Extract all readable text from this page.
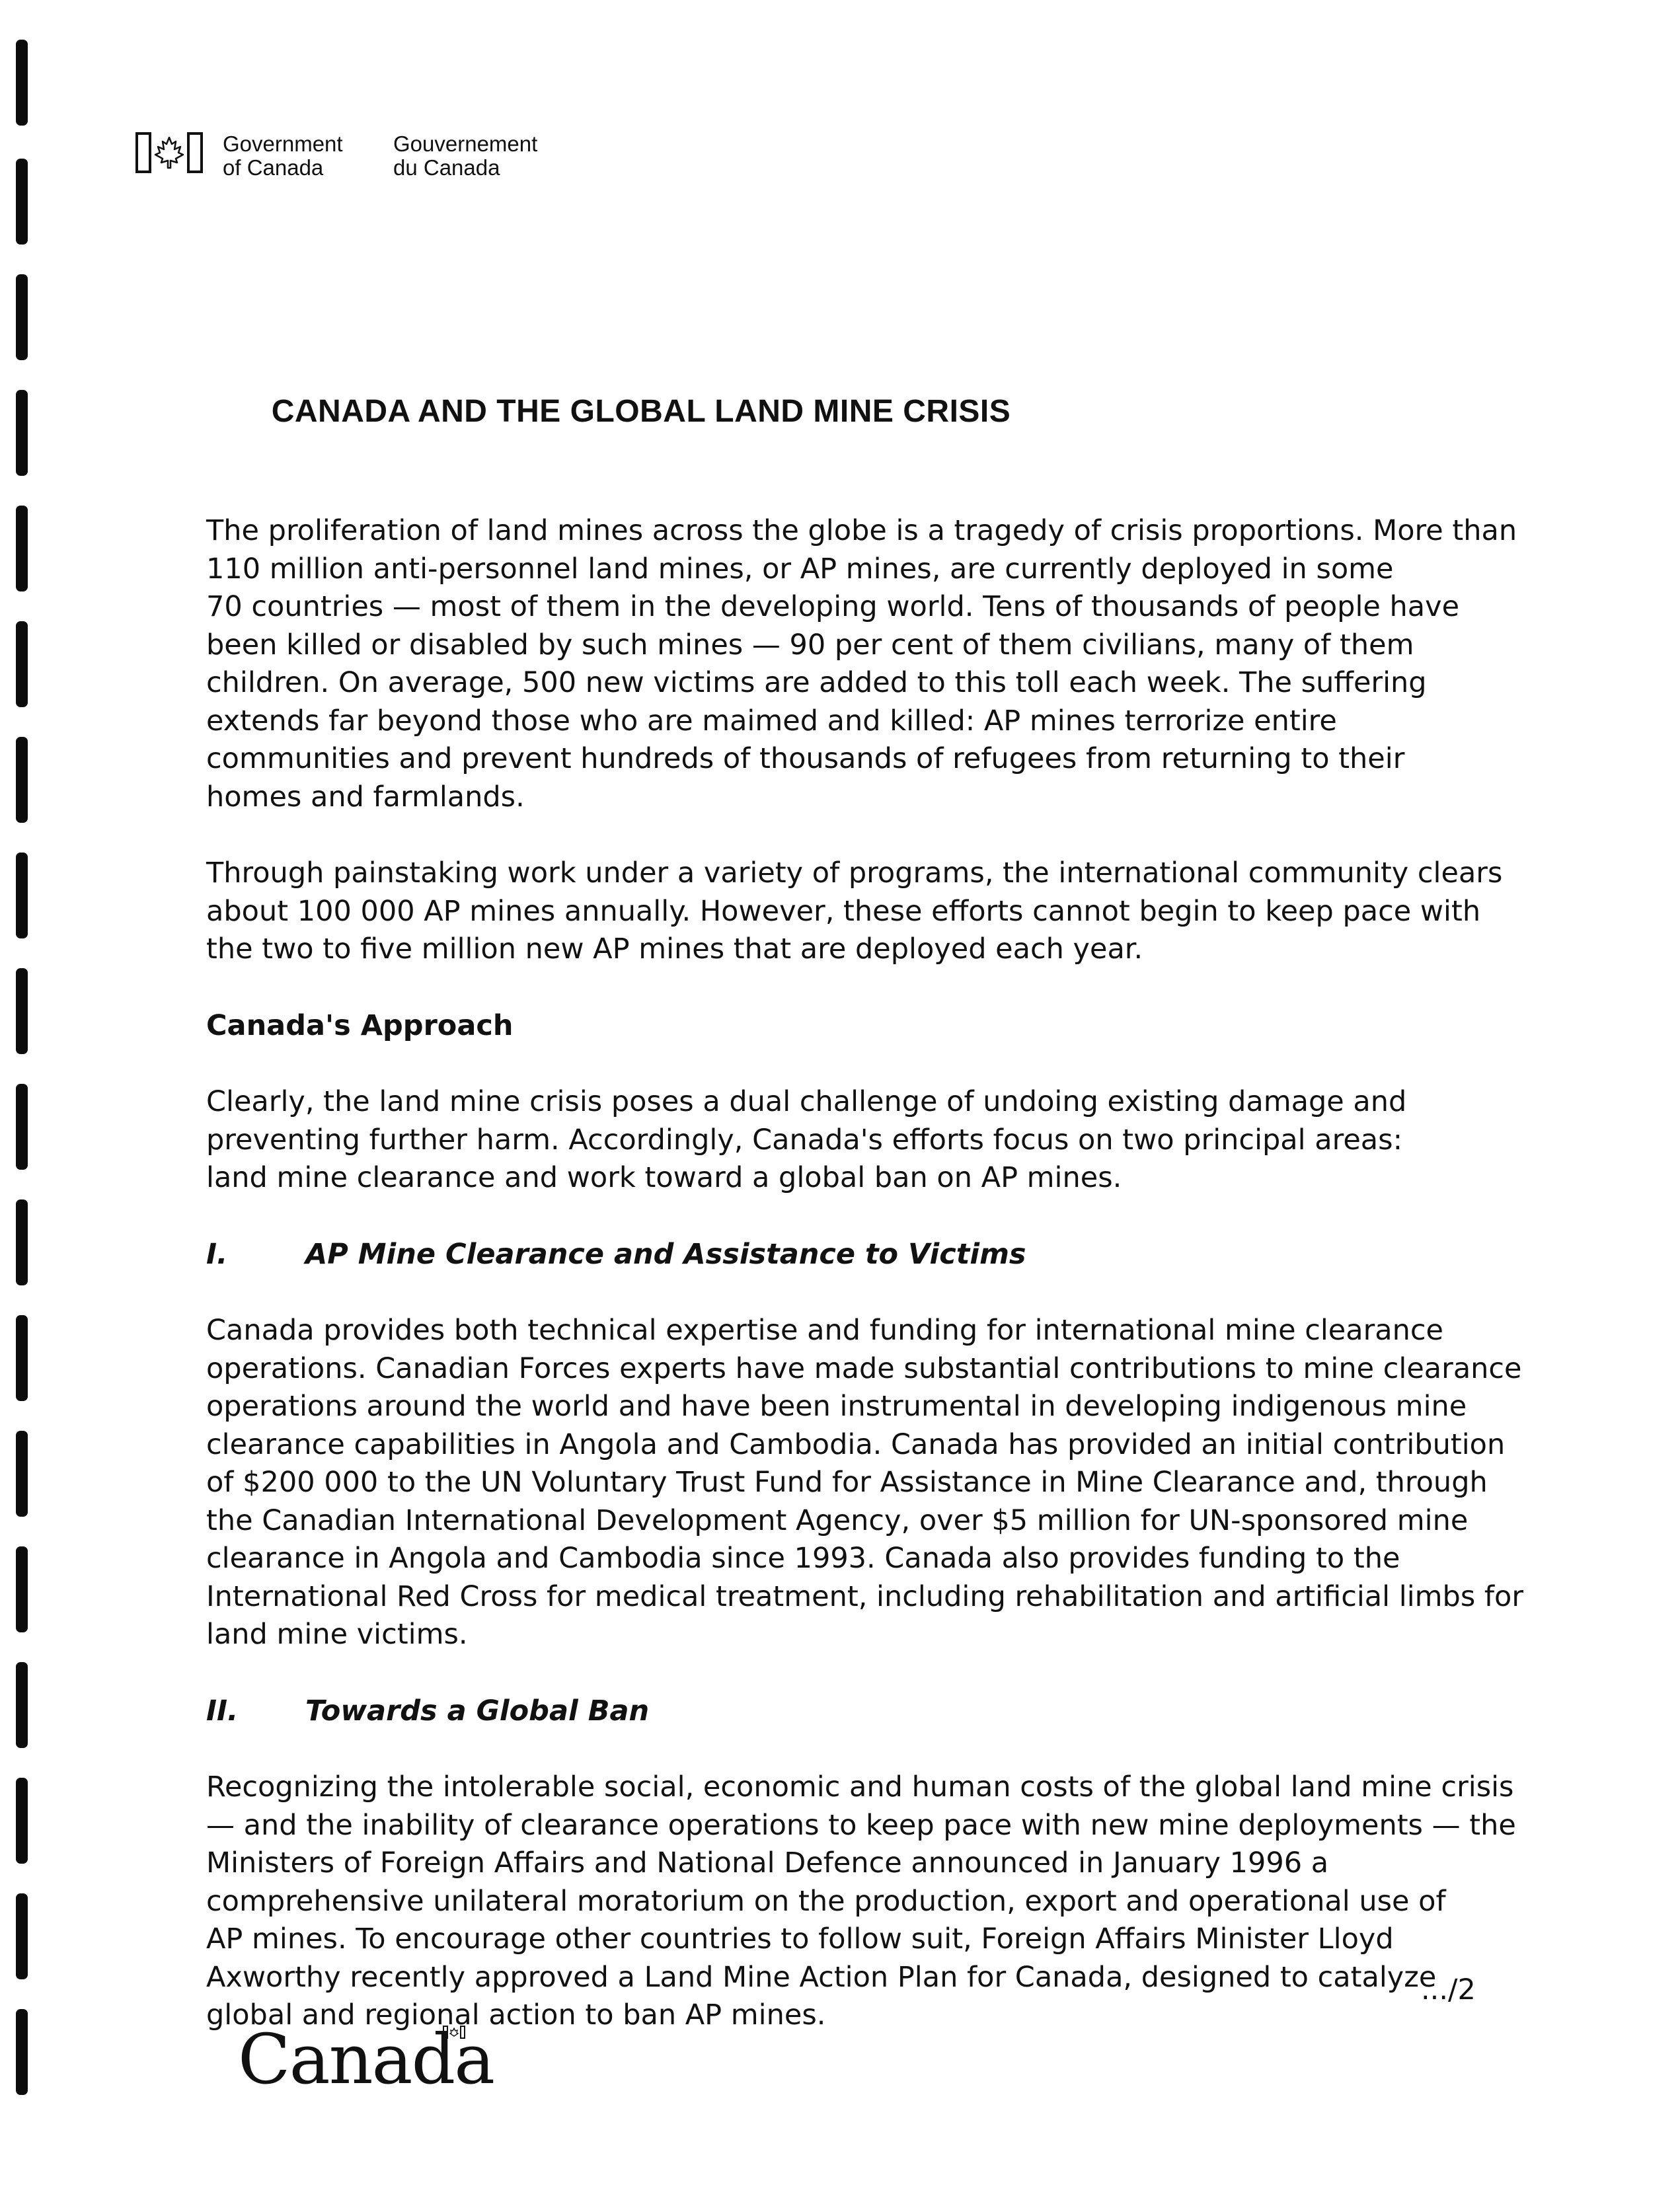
Government
of Canada
Gouvernement
du Canada
CANADA AND THE GLOBAL LAND MINE CRISIS

The proliferation of land mines across the globe is a tragedy of crisis proportions. More than
110 million anti-personnel land mines, or AP mines, are currently deployed in some
70 countries — most of them in the developing world. Tens of thousands of people have
been killed or disabled by such mines — 90 per cent of them civilians, many of them
children. On average, 500 new victims are added to this toll each week. The suffering
extends far beyond those who are maimed and killed: AP mines terrorize entire
communities and prevent hundreds of thousands of refugees from returning to their
homes and farmlands.

Through painstaking work under a variety of programs, the international community clears
about 100 000 AP mines annually. However, these efforts cannot begin to keep pace with
the two to five million new AP mines that are deployed each year.

Canada's Approach

Clearly, the land mine crisis poses a dual challenge of undoing existing damage and
preventing further harm. Accordingly, Canada's efforts focus on two principal areas:
land mine clearance and work toward a global ban on AP mines.

I.	AP Mine Clearance and Assistance to Victims

Canada provides both technical expertise and funding for international mine clearance
operations. Canadian Forces experts have made substantial contributions to mine clearance
operations around the world and have been instrumental in developing indigenous mine
clearance capabilities in Angola and Cambodia. Canada has provided an initial contribution
of $200 000 to the UN Voluntary Trust Fund for Assistance in Mine Clearance and, through
the Canadian International Development Agency, over $5 million for UN-sponsored mine
clearance in Angola and Cambodia since 1993. Canada also provides funding to the
International Red Cross for medical treatment, including rehabilitation and artificial limbs for
land mine victims.

II.	Towards a Global Ban

Recognizing the intolerable social, economic and human costs of the global land mine crisis
— and the inability of clearance operations to keep pace with new mine deployments — the
Ministers of Foreign Affairs and National Defence announced in January 1996 a
comprehensive unilateral moratorium on the production, export and operational use of
AP mines. To encourage other countries to follow suit, Foreign Affairs Minister Lloyd
Axworthy recently approved a Land Mine Action Plan for Canada, designed to catalyze
global and regional action to ban AP mines.

.../2
Canada
